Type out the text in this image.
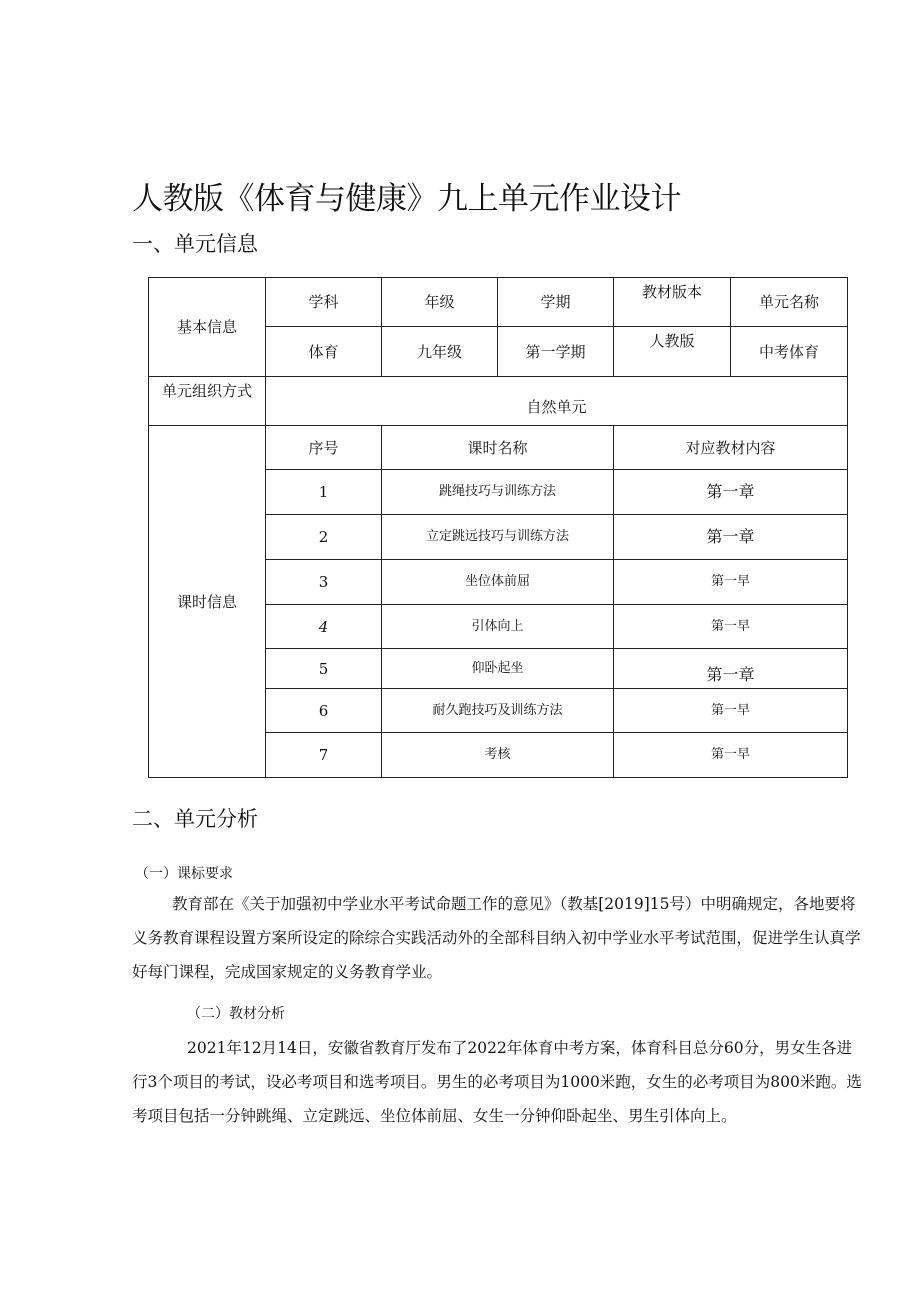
人教版《体育与健康》九上单元作业设计
一、单元信息
基本信息	学科	年级	学期	教材版本	单元名称
	体育	九年级	第一学期	人教版	中考体育
单元组织方式	自然单元				
课时信息	序号	课时名称		对应教材内容	
	1	跳绳技巧与训练方法		第一章	
	2	立定跳远技巧与训练方法		第一章	
	3	坐位体前屈		第一早	
	4	引体向上		第一早	
	5	仰卧起坐		第一章	
	6	耐久跑技巧及训练方法		第一早	
	7	考核		第一早	
二、单元分析
（一）课标要求
教育部在《关于加强初中学业水平考试命题工作的意见》（教基[2019]15号）中明确规定，各地要将义务教育课程设置方案所设定的除综合实践活动外的全部科目纳入初中学业水平考试范围，促进学生认真学好每门课程，完成国家规定的义务教育学业。
（二）教材分析
2021年12月14日，安徽省教育厅发布了2022年体育中考方案，体育科目总分60分，男女生各进行3个项目的考试，设必考项目和选考项目。男生的必考项目为1000米跑，女生的必考项目为800米跑。选考项目包括一分钟跳绳、立定跳远、坐位体前屈、女生一分钟仰卧起坐、男生引体向上。
